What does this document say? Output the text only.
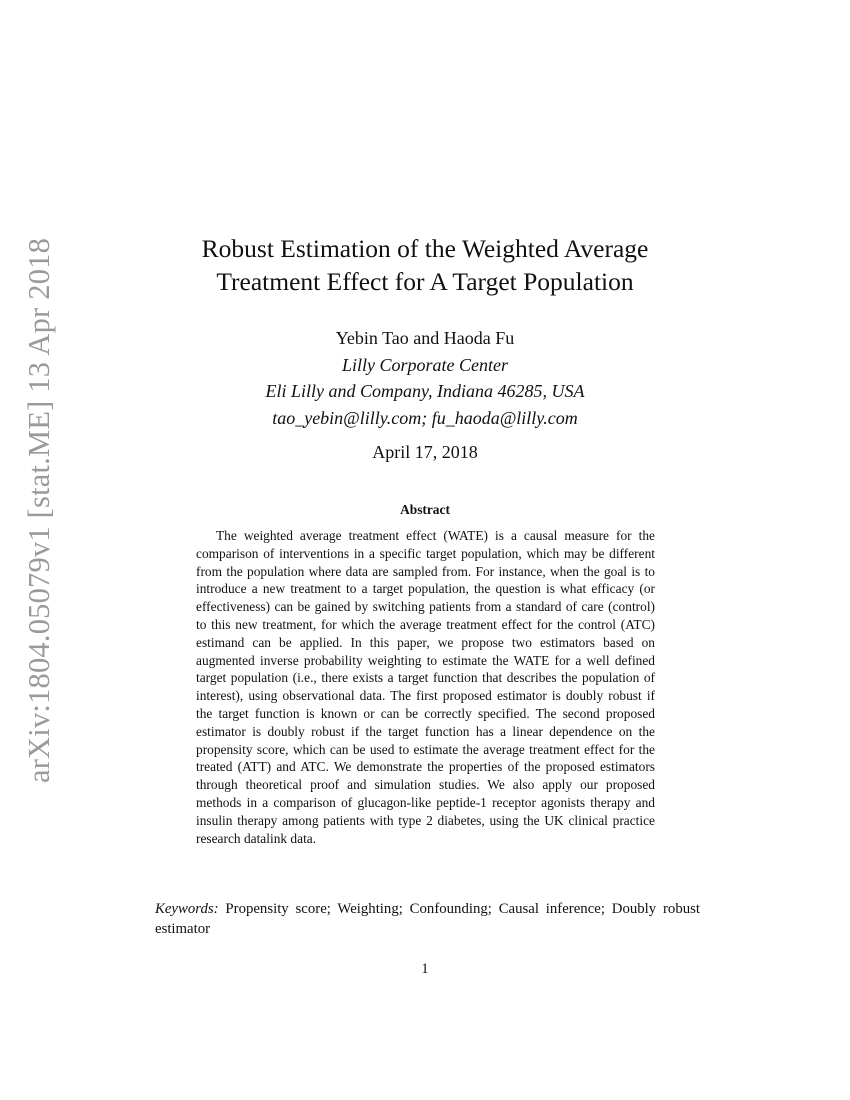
arXiv:1804.05079v1 [stat.ME] 13 Apr 2018	Robust Estimation of the Weighted Average
Treatment Effect for A Target Population
Yebin Tao and Haoda Fu
Lilly Corporate Center
Eli Lilly and Company, Indiana 46285, USA
tao_yebin@lilly.com; fu_haoda@lilly.com
April 17, 2018
Abstract

The weighted average treatment effect (WATE) is a causal measure for the comparison of interventions in a specific target population, which may be different from the population where data are sampled from. For instance, when the goal is to introduce a new treatment to a target population, the question is what efficacy (or effectiveness) can be gained by switching patients from a standard of care (control) to this new treatment, for which the average treatment effect for the control (ATC) estimand can be applied. In this paper, we propose two estimators based on augmented inverse probability weighting to estimate the WATE for a well defined target population (i.e., there exists a target function that describes the population of interest), using observational data. The first proposed estimator is doubly robust if the target function is known or can be correctly specified. The second proposed estimator is doubly robust if the target function has a linear dependence on the propensity score, which can be used to estimate the average treatment effect for the treated (ATT) and ATC. We demonstrate the properties of the proposed estimators through theoretical proof and simulation studies. We also apply our proposed methods in a comparison of glucagon-like peptide-1 receptor agonists therapy and insulin therapy among patients with type 2 diabetes, using the UK clinical practice research datalink data.

Keywords: Propensity score; Weighting; Confounding; Causal inference; Doubly robust estimator

1
